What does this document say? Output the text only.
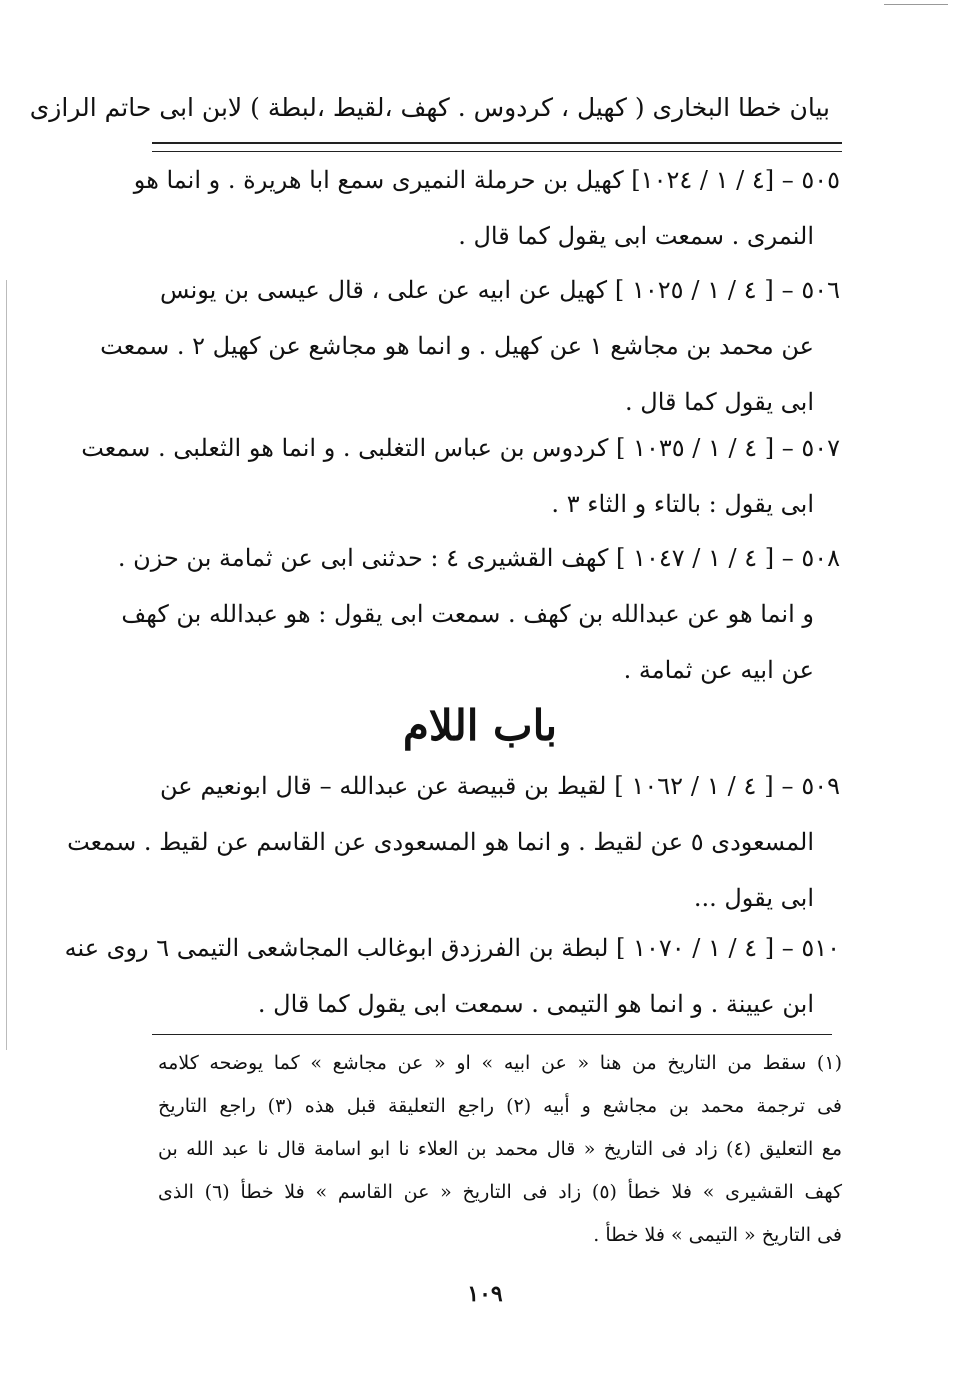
بيان خطا البخارى ( كهيل ، كردوس . كهف ،لقيط ،لبطة ) لابن ابى حاتم الرازى
٥٠٥ – [٤ / ١ / ١٠٢٤] كهيل بن حرملة النميرى سمع ابا هريرة . و انما هو
النمرى . سمعت ابى يقول كما قال .
٥٠٦ – [ ٤ / ١ / ١٠٢٥ ] كهيل عن ابيه عن على ، قال عيسى بن يونس
عن محمد بن مجاشع ١ عن كهيل . و انما هو مجاشع عن كهيل ٢ . سمعت
ابى يقول كما قال .
٥٠٧ – [ ٤ / ١ / ١٠٣٥ ] كردوس بن عباس التغلبى . و انما هو الثعلبى . سمعت
ابى يقول : بالتاء و الثاء ٣ .
٥٠٨ – [ ٤ / ١ / ١٠٤٧ ] كهف القشيرى ٤ : حدثنى ابى عن ثمامة بن حزن .
و انما هو عن عبدالله بن كهف . سمعت ابى يقول : هو عبدالله بن كهف
عن ابيه عن ثمامة .
باب اللام
٥٠٩ – [ ٤ / ١ / ١٠٦٢ ] لقيط بن قبيصة عن عبدالله – قال ابونعيم عن
المسعودى ٥ عن لقيط . و انما هو المسعودى عن القاسم عن لقيط . سمعت
ابى يقول ...
٥١٠ – [ ٤ / ١ / ١٠٧٠ ] لبطة بن الفرزدق ابوغالب المجاشعى التيمى ٦ روى عنه
ابن عيينة . و انما هو التيمى . سمعت ابى يقول كما قال .
(١) سقط من التاريخ من هنا « عن ابيه » او « عن مجاشع » كما يوضحه كلامه
فى ترجمة محمد بن مجاشع و أبيه (٢) راجع التعليقة قبل هذه (٣) راجع التاريخ
مع التعليق (٤) زاد فى التاريخ « قال محمد بن العلاء نا ابو اسامة قال نا عبد الله بن
كهف القشيرى » فلا خطأ (٥) زاد فى التاريخ « عن القاسم » فلا خطأ (٦) الذى
فى التاريخ « التيمى » فلا خطأ .
١٠٩
